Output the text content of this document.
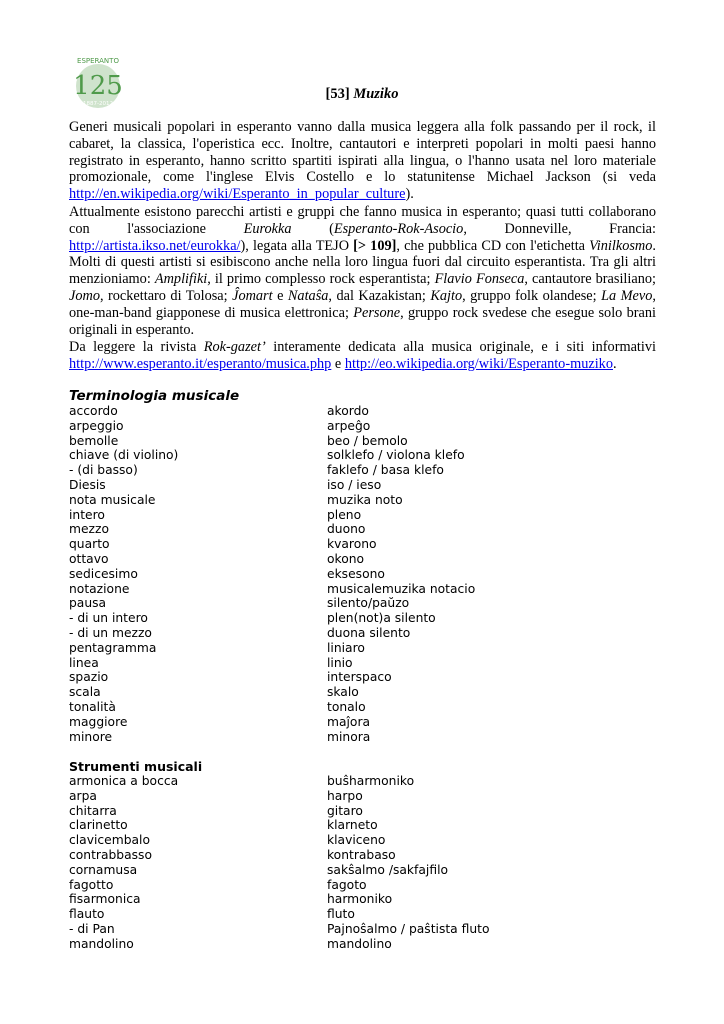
ESPERANTO
125
1887-2012
[53] Muziko
Generi musicali popolari in esperanto vanno dalla musica leggera alla folk passando per il rock, il cabaret, la classica, l'operistica ecc. Inoltre, cantautori e interpreti popolari in molti paesi hanno registrato in esperanto, hanno scritto spartiti ispirati alla lingua, o l'hanno usata nel loro materiale promozionale, come l'inglese Elvis Costello e lo statunitense Michael Jackson (si veda http://en.wikipedia.org/wiki/Esperanto_in_popular_culture).
Attualmente esistono parecchi artisti e gruppi che fanno musica in esperanto; quasi tutti collaborano con l'associazione Eurokka (Esperanto-Rok-Asocio, Donneville, Francia: http://artista.ikso.net/eurokka/), legata alla TEJO [> 109], che pubblica CD con l'etichetta Vinilkosmo. Molti di questi artisti si esibiscono anche nella loro lingua fuori dal circuito esperantista. Tra gli altri menzioniamo: Amplifiki, il primo complesso rock esperantista; Flavio Fonseca, cantautore brasiliano; Jomo, rockettaro di Tolosa; Ĵomart e Nataŝa, dal Kazakistan; Kajto, gruppo folk olandese; La Mevo, one-man-band giapponese di musica elettronica; Persone, gruppo rock svedese che esegue solo brani originali in esperanto.
Da leggere la rivista Rok-gazet’ interamente dedicata alla musica originale, e i siti informativi http://www.esperanto.it/esperanto/musica.php e http://eo.wikipedia.org/wiki/Esperanto-muziko.
Terminologia musicale
accordo	akordo
arpeggio	arpeĝo
bemolle	beo / bemolo
chiave (di violino)	solklefo / violona klefo
- (di basso)	faklefo / basa klefo
Diesis	iso / ieso
nota musicale	muzika noto
intero	pleno
mezzo	duono
quarto	kvarono
ottavo	okono
sedicesimo	eksesono
notazione	musicalemuzika notacio
pausa	silento/paŭzo
- di un intero	plen(not)a silento
- di un mezzo	duona silento
pentagramma	liniaro
linea	linio
spazio	interspaco
scala	skalo
tonalità	tonalo
maggiore	maĵora
minore	minora
Strumenti musicali
armonica a bocca	buŝharmoniko
arpa	harpo
chitarra	gitaro
clarinetto	klarneto
clavicembalo	klaviceno
contrabbasso	kontrabaso
cornamusa	sakŝalmo /sakfajfilo
fagotto	fagoto
fisarmonica	harmoniko
flauto	fluto
- di Pan	Pajnoŝalmo / paŝtista fluto
mandolino	mandolino
